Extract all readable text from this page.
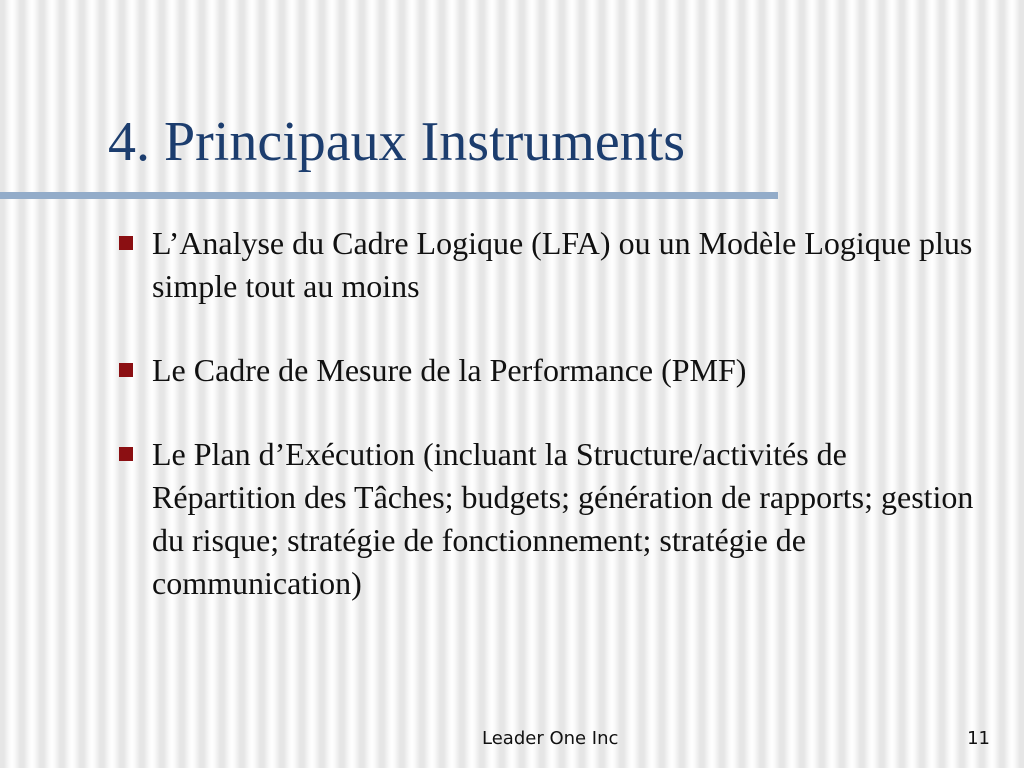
4. Principaux Instruments
L’Analyse du Cadre Logique (LFA) ou un Modèle Logique plus simple tout au moins
Le Cadre de Mesure de la Performance (PMF)
Le Plan d’Exécution (incluant la Structure/activités de Répartition des Tâches; budgets; génération de rapports; gestion du risque; stratégie de fonctionnement; stratégie de communication)
Leader One Inc	11
